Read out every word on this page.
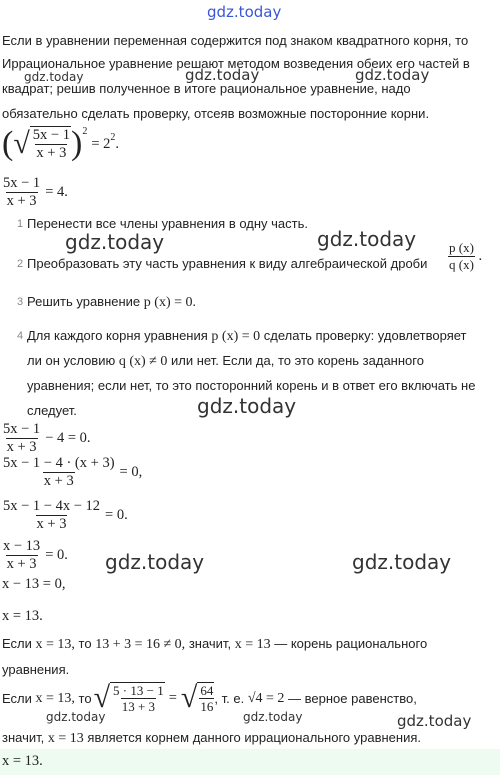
gdz.today
Если в уравнении переменная содержится под знаком квадратного корня, то
Иррациональное уравнение решают методом возведения обеих его частей в
квадрат; решив полученное в итоге рациональное уравнение, надо
обязательно сделать проверку, отсеяв возможные посторонние корни.
gdz.today	gdz.today	gdz.today
( √ $\frac{5x - 1}{x + 3} )^2$
= $2^2$ .
$\frac{5x - 1}{x + 3} = 4$.
1 Перенести все члены уравнения в одну часть.
gdz.today	gdz.today
2 Преобразовать эту часть уравнения к виду алгебраической дроби $\frac{p (x)}{q (x)}$ .
3 Решить уравнение p (x) = 0.
4 Для каждого корня уравнения p (x) = 0 сделать проверку: удовлетворяет
ли он условию q (x) ≠ 0 или нет. Если да, то это корень заданного
уравнения; если нет, то это посторонний корень и в ответ его включать не
следует.	gdz.today
$\frac{5x - 1}{x + 3} - 4 = 0$.
$\frac{5x - 1 - 4 \cdot (x + 3)}{x + 3} = 0$,
$\frac{5x - 1 - 4x - 12}{x + 3} = 0$.
$\frac{x - 13}{x + 3} = 0$. gdz.today	gdz.today
x − 13 = 0,
x = 13.
Если x = 13, то 13 + 3 = 16 ≠ 0, значит, x = 13 — корень рационального
уравнения.
Если
x = 13,
то √ $\frac{5 \cdot 13 - 1}{13 + 3}$ = √ $\frac{64}{16}$ , т. е.
√ 4 = 2
— верное равенство,
gdz.today	gdz.today	gdz.today
значит, x = 13 является корнем данного иррационального уравнения.
x = 13.
